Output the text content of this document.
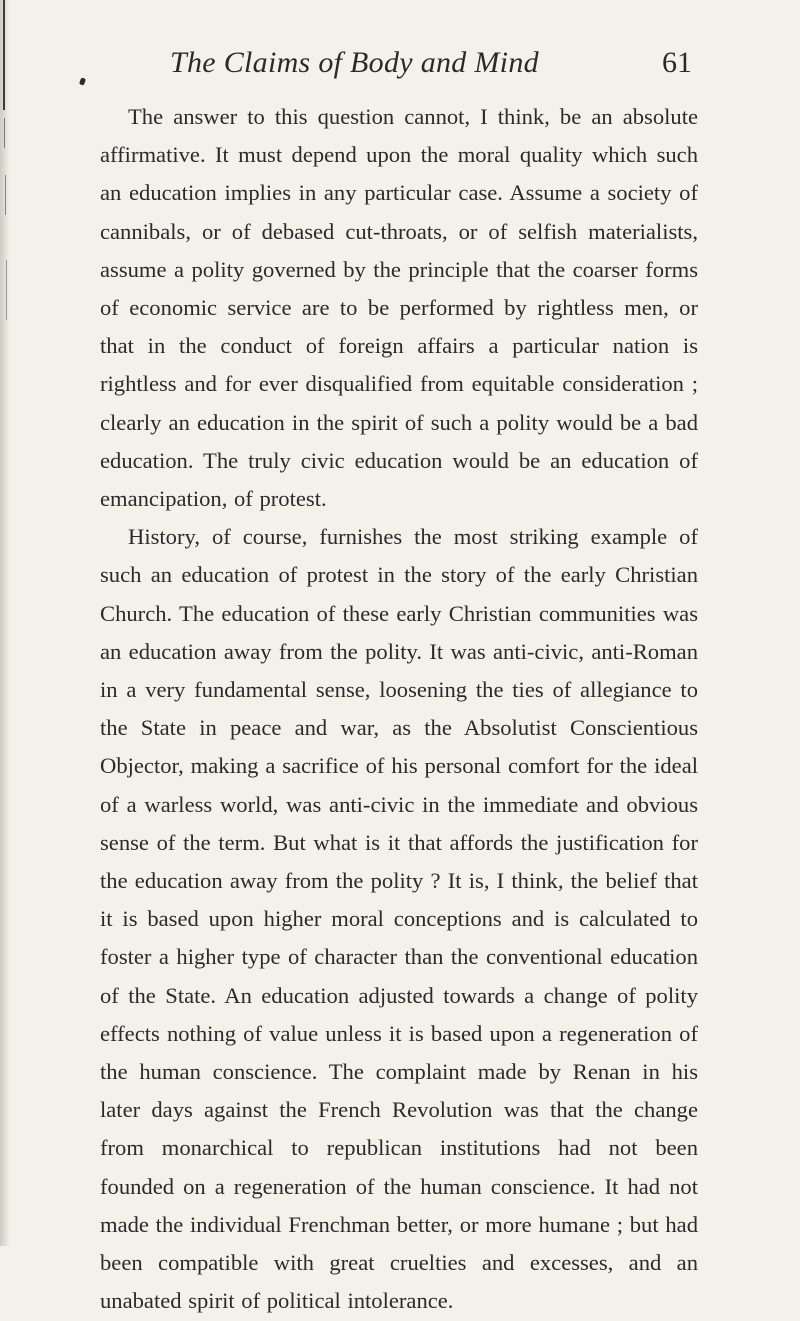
The Claims of Body and Mind	61

The answer to this question cannot, I think, be an absolute affirmative. It must depend upon the moral quality which such an education implies in any particular case. Assume a society of cannibals, or of debased cut-throats, or of selfish materialists, assume a polity governed by the principle that the coarser forms of economic service are to be performed by rightless men, or that in the conduct of foreign affairs a particular nation is rightless and for ever disqualified from equitable consideration ; clearly an education in the spirit of such a polity would be a bad education. The truly civic education would be an education of emancipation, of protest.

History, of course, furnishes the most striking example of such an education of protest in the story of the early Christian Church. The education of these early Christian communities was an education away from the polity. It was anti-civic, anti-Roman in a very fundamental sense, loosening the ties of allegiance to the State in peace and war, as the Absolutist Conscientious Objector, making a sacrifice of his personal comfort for the ideal of a warless world, was anti-civic in the immediate and obvious sense of the term. But what is it that affords the justification for the education away from the polity ? It is, I think, the belief that it is based upon higher moral conceptions and is calculated to foster a higher type of character than the conventional education of the State. An education adjusted towards a change of polity effects nothing of value unless it is based upon a regeneration of the human conscience. The complaint made by Renan in his later days against the French Revolution was that the change from monarchical to republican institutions had not been founded on a regeneration of the human conscience. It had not made the individual Frenchman better, or more humane ; but had been compatible with great cruelties and excesses, and an unabated spirit of political intolerance.
